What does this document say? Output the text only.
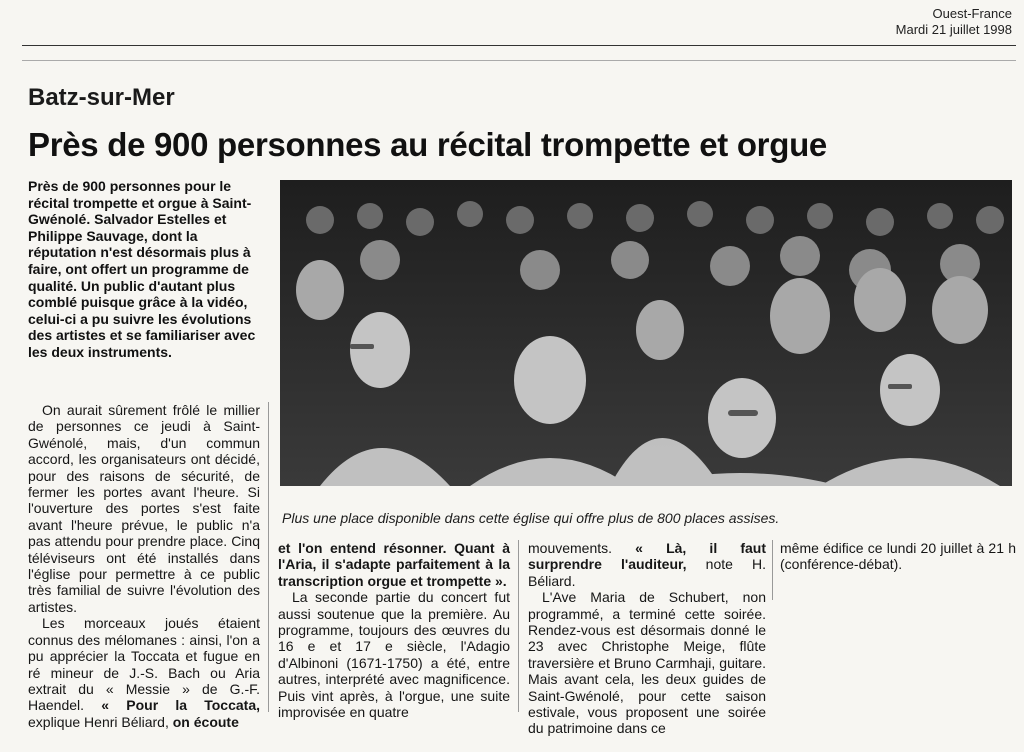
Ouest-France
Mardi 21 juillet 1998
Batz-sur-Mer
Près de 900 personnes au récital trompette et orgue
Près de 900 personnes pour le récital trompette et orgue à Saint-Gwénolé. Salvador Estelles et Philippe Sauvage, dont la réputation n'est désormais plus à faire, ont offert un programme de qualité. Un public d'autant plus comblé puisque grâce à la vidéo, celui-ci a pu suivre les évolutions des artistes et se familiariser avec les deux instruments.

On aurait sûrement frôlé le millier de personnes ce jeudi à Saint-Gwénolé, mais, d'un commun accord, les organisateurs ont décidé, pour des raisons de sécurité, de fermer les portes avant l'heure. Si l'ouverture des portes s'est faite avant l'heure prévue, le public n'a pas attendu pour prendre place. Cinq téléviseurs ont été installés dans l'église pour permettre à ce public très familial de suivre l'évolution des artistes.

Les morceaux joués étaient connus des mélomanes : ainsi, l'on a pu apprécier la Toccata et fugue en ré mineur de J.-S. Bach ou Aria extrait du « Messie » de G.-F. Haendel. « Pour la Toccata, explique Henri Béliard, on écoute

Plus une place disponible dans cette église qui offre plus de 800 places assises.

et l'on entend résonner. Quant à l'Aria, il s'adapte parfaitement à la transcription orgue et trompette ».

La seconde partie du concert fut aussi soutenue que la première. Au programme, toujours des œuvres du 16 e et 17 e siècle, l'Adagio d'Albinoni (1671-1750) a été, entre autres, interprété avec magnificence. Puis vint après, à l'orgue, une suite improvisée en quatre

mouvements. « Là, il faut surprendre l'auditeur, note H. Béliard.

L'Ave Maria de Schubert, non programmé, a terminé cette soirée. Rendez-vous est désormais donné le 23 avec Christophe Meige, flûte traversière et Bruno Carmhaji, guitare. Mais avant cela, les deux guides de Saint-Gwénolé, pour cette saison estivale, vous proposent une soirée du patrimoine dans ce

même édifice ce lundi 20 juillet à 21 h (conférence-débat).
